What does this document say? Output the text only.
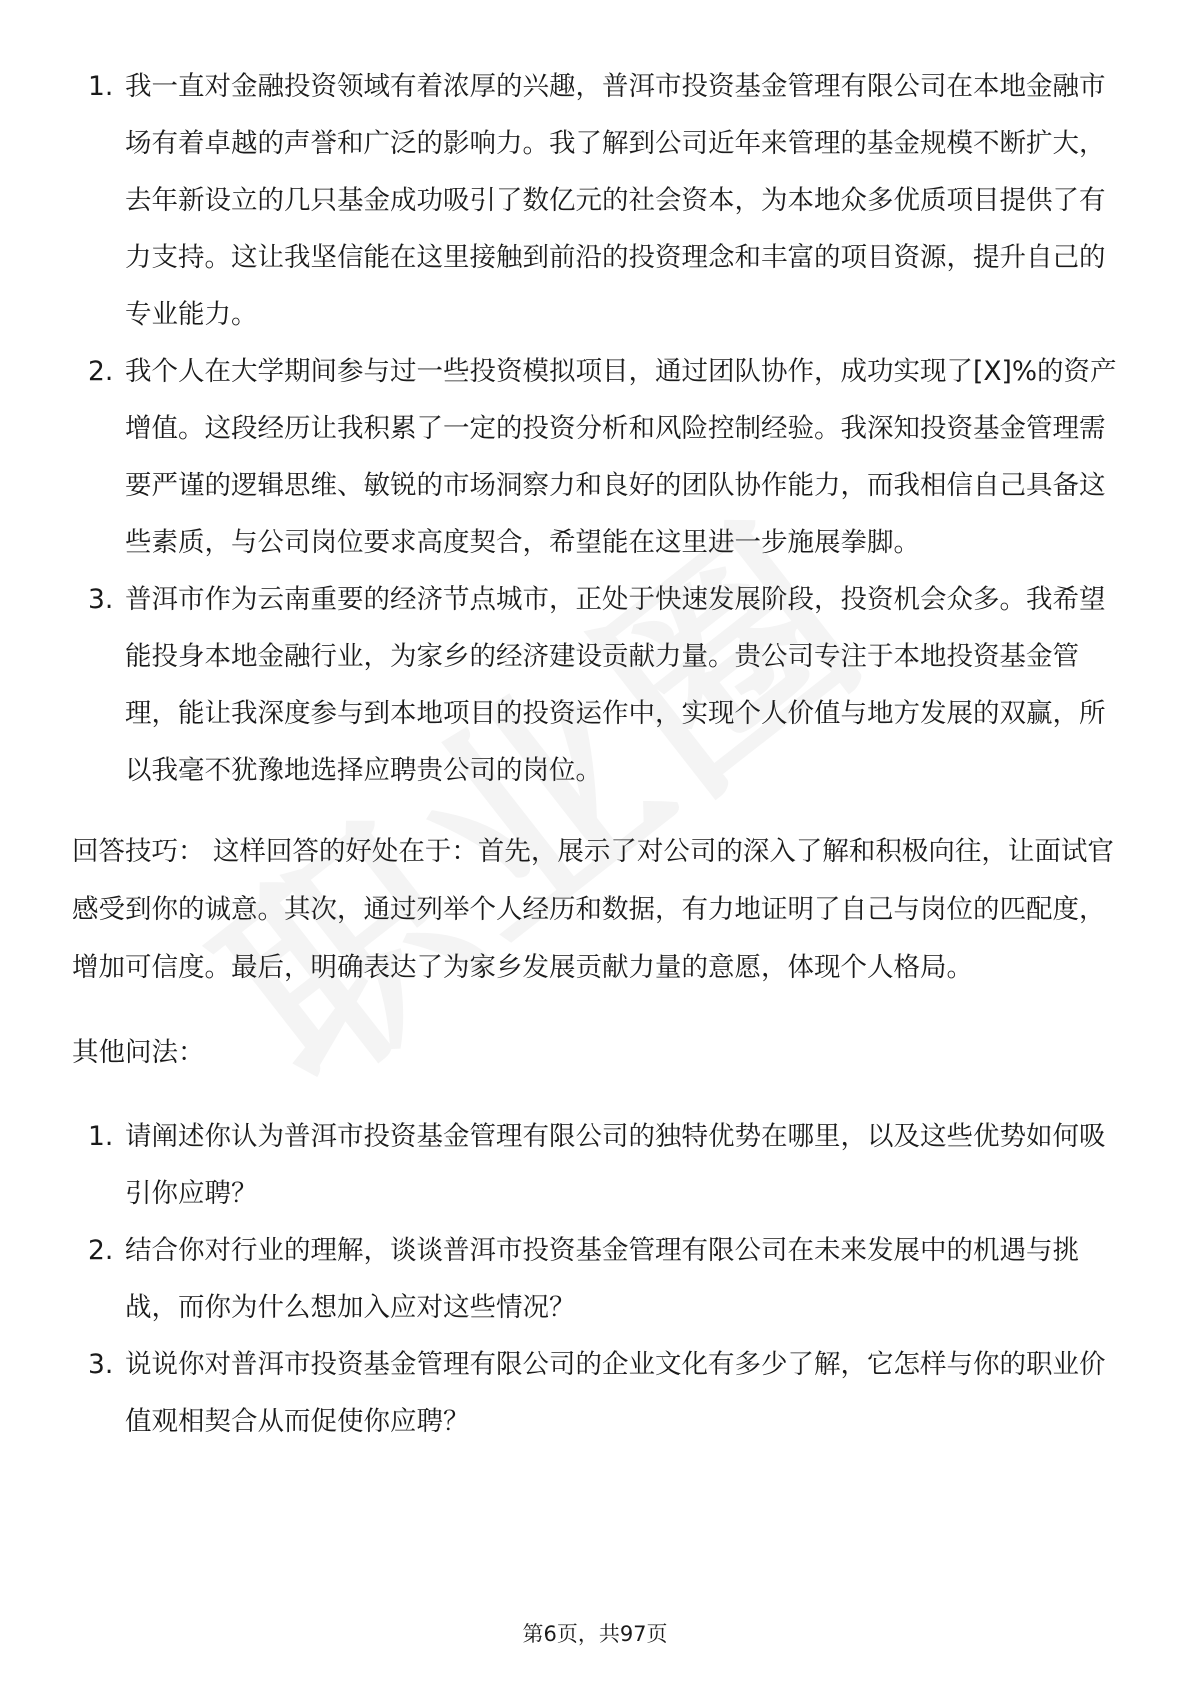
1. 我一直对金融投资领域有着浓厚的兴趣，普洱市投资基金管理有限公司在本地金融市场有着卓越的声誉和广泛的影响力。我了解到公司近年来管理的基金规模不断扩大，去年新设立的几只基金成功吸引了数亿元的社会资本，为本地众多优质项目提供了有力支持。这让我坚信能在这里接触到前沿的投资理念和丰富的项目资源，提升自己的专业能力。
2. 我个人在大学期间参与过一些投资模拟项目，通过团队协作，成功实现了[X]%的资产增值。这段经历让我积累了一定的投资分析和风险控制经验。我深知投资基金管理需要严谨的逻辑思维、敏锐的市场洞察力和良好的团队协作能力，而我相信自己具备这些素质，与公司岗位要求高度契合，希望能在这里进一步施展拳脚。
3. 普洱市作为云南重要的经济节点城市，正处于快速发展阶段，投资机会众多。我希望能投身本地金融行业，为家乡的经济建设贡献力量。贵公司专注于本地投资基金管理，能让我深度参与到本地项目的投资运作中，实现个人价值与地方发展的双赢，所以我毫不犹豫地选择应聘贵公司的岗位。

回答技巧： 这样回答的好处在于：首先，展示了对公司的深入了解和积极向往，让面试官感受到你的诚意。其次，通过列举个人经历和数据，有力地证明了自己与岗位的匹配度，增加可信度。最后，明确表达了为家乡发展贡献力量的意愿，体现个人格局。

其他问法：

1. 请阐述你认为普洱市投资基金管理有限公司的独特优势在哪里，以及这些优势如何吸引你应聘？
2. 结合你对行业的理解，谈谈普洱市投资基金管理有限公司在未来发展中的机遇与挑战，而你为什么想加入应对这些情况？
3. 说说你对普洱市投资基金管理有限公司的企业文化有多少了解，它怎样与你的职业价值观相契合从而促使你应聘？
第6页，共97页
